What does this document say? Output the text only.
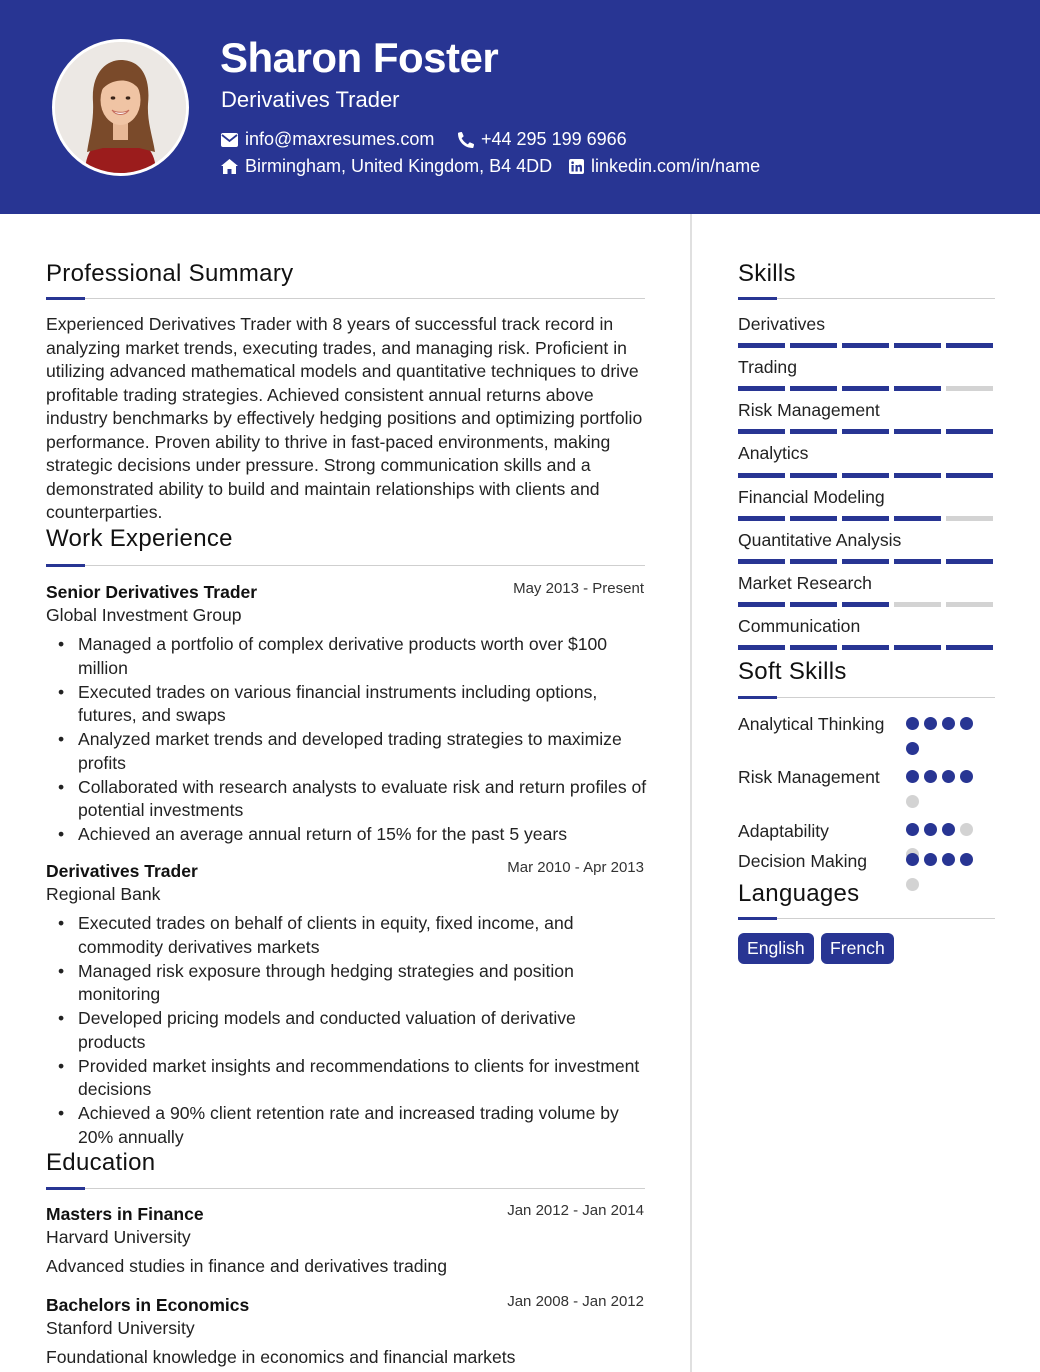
Sharon Foster
Derivatives Trader
info@maxresumes.com	+44 295 199 6966
Birmingham, United Kingdom, B4 4DD linkedin.com/in/name
Professional Summary
Experienced Derivatives Trader with 8 years of successful track record in analyzing market trends, executing trades, and managing risk. Proficient in utilizing advanced mathematical models and quantitative techniques to drive profitable trading strategies. Achieved consistent annual returns above industry benchmarks by effectively hedging positions and optimizing portfolio performance. Proven ability to thrive in fast-paced environments, making strategic decisions under pressure. Strong communication skills and a demonstrated ability to build and maintain relationships with clients and counterparties.
Work Experience
Senior Derivatives Trader	May 2013 - Present
Global Investment Group
• Managed a portfolio of complex derivative products worth over $100 million
• Executed trades on various financial instruments including options, futures, and swaps
• Analyzed market trends and developed trading strategies to maximize profits
• Collaborated with research analysts to evaluate risk and return profiles of potential investments
• Achieved an average annual return of 15% for the past 5 years
Derivatives Trader	Mar 2010 - Apr 2013
Regional Bank
• Executed trades on behalf of clients in equity, fixed income, and commodity derivatives markets
• Managed risk exposure through hedging strategies and position monitoring
• Developed pricing models and conducted valuation of derivative products
• Provided market insights and recommendations to clients for investment decisions
• Achieved a 90% client retention rate and increased trading volume by 20% annually
Education
Masters in Finance	Jan 2012 - Jan 2014
Harvard University
Advanced studies in finance and derivatives trading
Bachelors in Economics	Jan 2008 - Jan 2012
Stanford University
Foundational knowledge in economics and financial markets
Skills
Derivatives
Trading
Risk Management
Analytics
Financial Modeling
Quantitative Analysis
Market Research
Communication
Soft Skills
Analytical Thinking
Risk Management
Adaptability
Decision Making
Languages
English	French
